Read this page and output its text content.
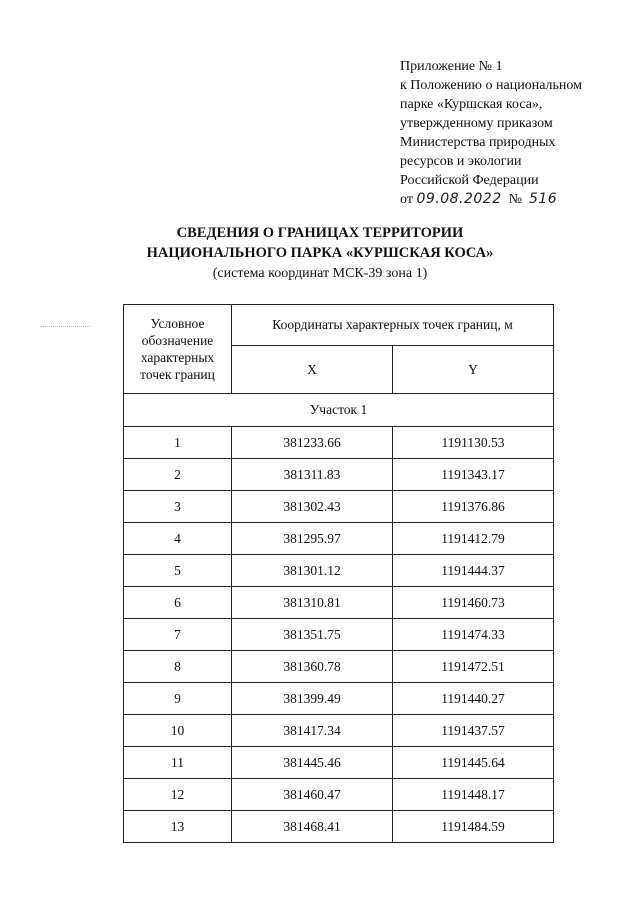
Приложение № 1
к Положению о национальном
парке «Куршская коса»,
утвержденному приказом
Министерства природных
ресурсов и экологии
Российской Федерации
от 09.08.2022 № 516
СВЕДЕНИЯ О ГРАНИЦАХ ТЕРРИТОРИИ
НАЦИОНАЛЬНОГО ПАРКА «КУРШСКАЯ КОСА»
(система координат МСК-39 зона 1)
Условное обозначение характерных точек границ	Координаты характерных точек границ, м	
	X	Y
Участок 1		
1	381233.66	1191130.53
2	381311.83	1191343.17
3	381302.43	1191376.86
4	381295.97	1191412.79
5	381301.12	1191444.37
6	381310.81	1191460.73
7	381351.75	1191474.33
8	381360.78	1191472.51
9	381399.49	1191440.27
10	381417.34	1191437.57
11	381445.46	1191445.64
12	381460.47	1191448.17
13	381468.41	1191484.59
